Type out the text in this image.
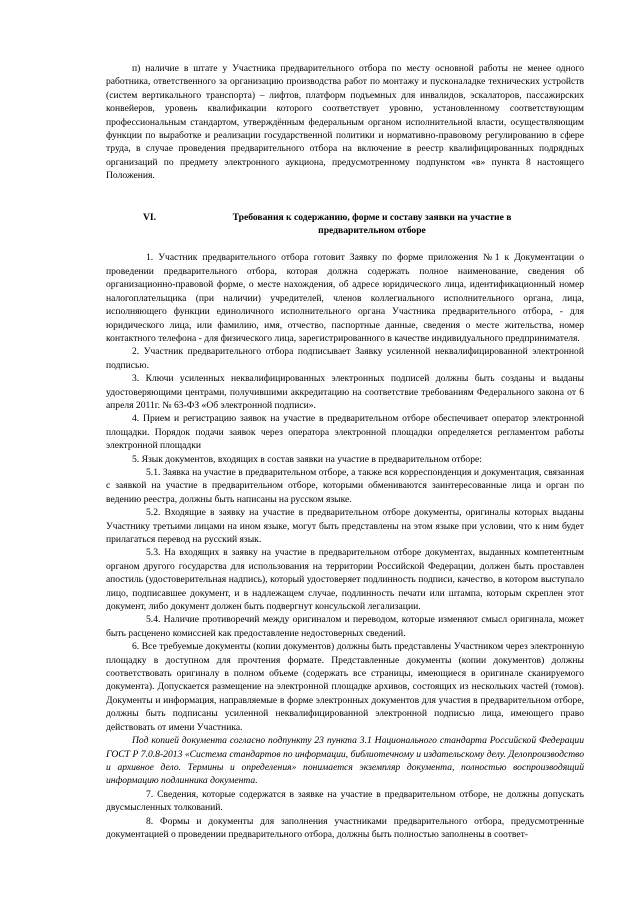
п) наличие в штате у Участника предварительного отбора по месту основной работы не менее одного работника, ответственного за организацию производства работ по монтажу и пусконаладке технических устройств (систем вертикального транспорта) – лифтов, платформ подъемных для инвалидов, эскалаторов, пассажирских конвейеров, уровень квалификации которого соответствует уровню, установленному соответствующим профессиональным стандартом, утверждённым федеральным органом исполнительной власти, осуществляющим функции по выработке и реализации государственной политики и нормативно-правовому регулированию в сфере труда, в случае проведения предварительного отбора на включение в реестр квалифицированных подрядных организаций по предмету электронного аукциона, предусмотренному подпунктом «в» пункта 8 настоящего Положения.

VI.	Требования к содержанию, форме и составу заявки на участие в предварительном отборе

1. Участник предварительного отбора готовит Заявку по форме приложения №1 к Документации о проведении предварительного отбора, которая должна содержать полное наименование, сведения об организационно-правовой форме, о месте нахождения, об адресе юридического лица, идентификационный номер налогоплательщика (при наличии) учредителей, членов коллегиального исполнительного органа, лица, исполняющего функции единоличного исполнительного органа Участника предварительного отбора, - для юридического лица, или фамилию, имя, отчество, паспортные данные, сведения о месте жительства, номер контактного телефона - для физического лица, зарегистрированного в качестве индивидуального предпринимателя.

2. Участник предварительного отбора подписывает Заявку усиленной неквалифицированной электронной подписью.

3. Ключи усиленных неквалифицированных электронных подписей должны быть созданы и выданы удостоверяющими центрами, получившими аккредитацию на соответствие требованиям Федерального закона от 6 апреля 2011г. № 63-ФЗ «Об электронной подписи».

4. Прием и регистрацию заявок на участие в предварительном отборе обеспечивает оператор электронной площадки. Порядок подачи заявок через оператора электронной площадки определяется регламентом работы электронной площадки

5. Язык документов, входящих в состав заявки на участие в предварительном отборе:

5.1. Заявка на участие в предварительном отборе, а также вся корреспонденция и документация, связанная с заявкой на участие в предварительном отборе, которыми обмениваются заинтересованные лица и орган по ведению реестра, должны быть написаны на русском языке.

5.2. Входящие в заявку на участие в предварительном отборе документы, оригиналы которых выданы Участнику третьими лицами на ином языке, могут быть представлены на этом языке при условии, что к ним будет прилагаться перевод на русский язык.

5.3. На входящих в заявку на участие в предварительном отборе документах, выданных компетентным органом другого государства для использования на территории Российской Федерации, должен быть проставлен апостиль (удостоверительная надпись), который удостоверяет подлинность подписи, качество, в котором выступало лицо, подписавшее документ, и в надлежащем случае, подлинность печати или штампа, которым скреплен этот документ, либо документ должен быть подвергнут консульской легализации.

5.4. Наличие противоречий между оригиналом и переводом, которые изменяют смысл оригинала, может быть расценено комиссией как предоставление недостоверных сведений.

6. Все требуемые документы (копии документов) должны быть представлены Участником через электронную площадку в доступном для прочтения формате. Представленные документы (копии документов) должны соответствовать оригиналу в полном объеме (содержать все страницы, имеющиеся в оригинале сканируемого документа). Допускается размещение на электронной площадке архивов, состоящих из нескольких частей (томов). Документы и информация, направляемые в форме электронных документов для участия в предварительном отборе, должны быть подписаны усиленной неквалифицированной электронной подписью лица, имеющего право действовать от имени Участника.

Под копией документа согласно подпункту 23 пункта 3.1 Национального стандарта Российской Федерации ГОСТ Р 7.0.8-2013 «Система стандартов по информации, библиотечному и издательскому делу. Делопроизводство и архивное дело. Термины и определения» понимается экземпляр документа, полностью воспроизводящий информацию подлинника документа.

7. Сведения, которые содержатся в заявке на участие в предварительном отборе, не должны допускать двусмысленных толкований.

8. Формы и документы для заполнения участниками предварительного отбора, предусмотренные документацией о проведении предварительного отбора, должны быть полностью заполнены в соответ-
